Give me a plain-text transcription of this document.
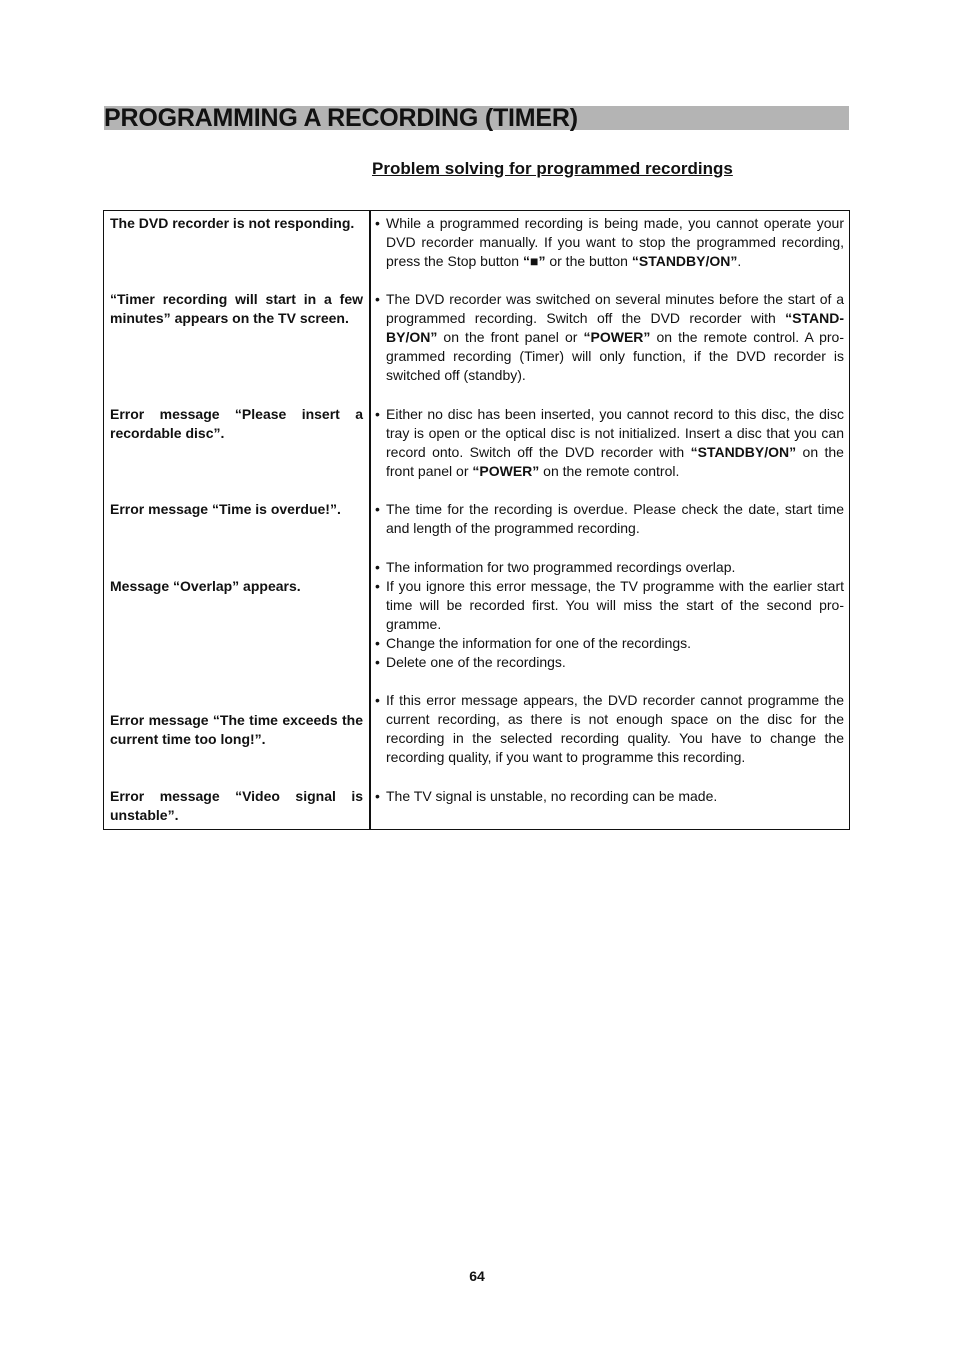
PROGRAMMING A RECORDING (TIMER)
Problem solving for programmed recordings
The DVD recorder is not responding.	• While a programmed recording is being made, you cannot operate your DVD recorder manually. If you want to stop the programmed recording, press the Stop button “■” or the button “STANDBY/ON”.
“Timer recording will start in a few minutes” appears on the TV screen.
• The DVD recorder was switched on several minutes before the start of a programmed recording. Switch off the DVD recorder with “STAND-BY/ON” on the front panel or “POWER” on the remote control. A pro-grammed recording (Timer) will only function, if the DVD recorder is switched off (standby).
Error message “Please insert a recordable disc”.
• Either no disc has been inserted, you cannot record to this disc, the disc tray is open or the optical disc is not initialized. Insert a disc that you can record onto. Switch off the DVD recorder with “STANDBY/ON” on the front panel or “POWER” on the remote control.
Error message “Time is overdue!”.	• The time for the recording is overdue. Please check the date, start time and length of the programmed recording.
Message “Overlap” appears.
• The information for two programmed recordings overlap.
• If you ignore this error message, the TV programme with the earlier start time will be recorded first. You will miss the start of the second pro-gramme.
• Change the information for one of the recordings.
• Delete one of the recordings.
Error message “The time exceeds the current time too long!”.
• If this error message appears, the DVD recorder cannot programme the current recording, as there is not enough space on the disc for the recording in the selected recording quality. You have to change the recording quality, if you want to programme this recording.
Error message “Video signal is unstable”.
• The TV signal is unstable, no recording can be made.
64
